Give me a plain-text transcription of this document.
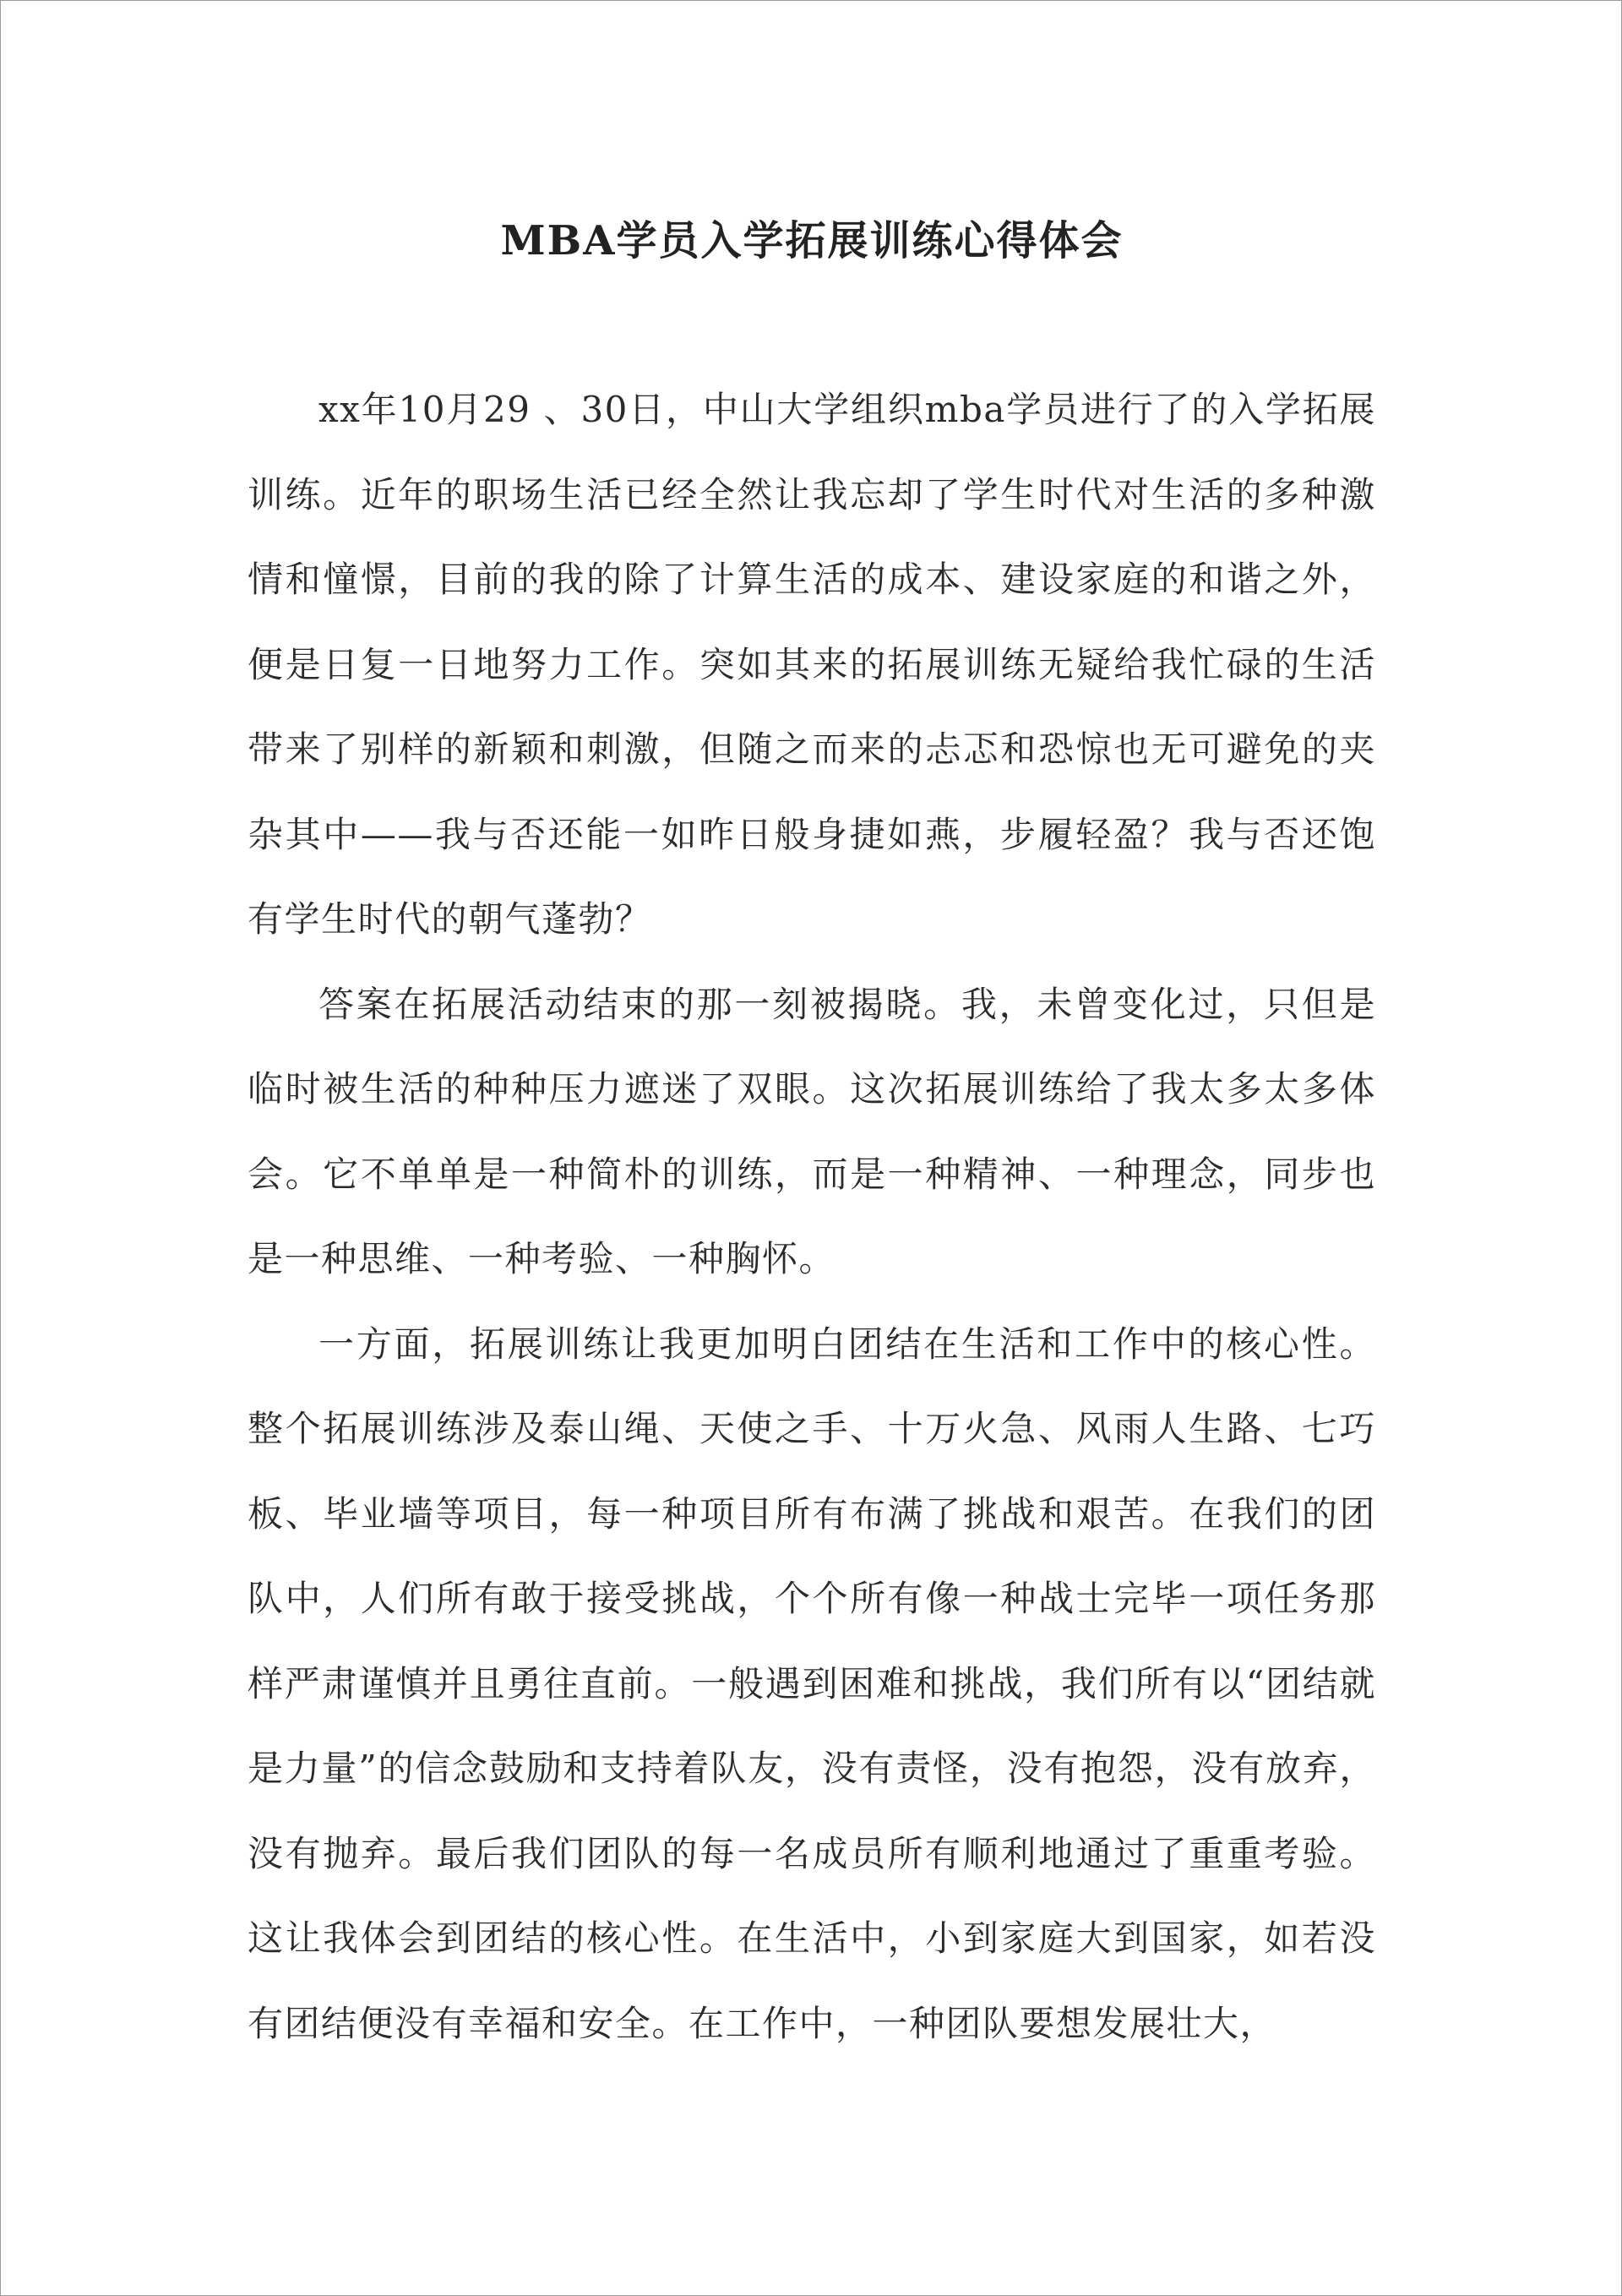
MBA学员入学拓展训练心得体会

xx年10月29 、30日，中山大学组织mba学员进行了的入学拓展训练。近年的职场生活已经全然让我忘却了学生时代对生活的多种激情和憧憬，目前的我的除了计算生活的成本、建设家庭的和谐之外，便是日复一日地努力工作。突如其来的拓展训练无疑给我忙碌的生活带来了别样的新颖和刺激，但随之而来的忐忑和恐惊也无可避免的夹杂其中——我与否还能一如昨日般身捷如燕，步履轻盈？我与否还饱有学生时代的朝气蓬勃？

答案在拓展活动结束的那一刻被揭晓。我，未曾变化过，只但是临时被生活的种种压力遮迷了双眼。这次拓展训练给了我太多太多体会。它不单单是一种简朴的训练，而是一种精神、一种理念，同步也是一种思维、一种考验、一种胸怀。

一方面，拓展训练让我更加明白团结在生活和工作中的核心性。整个拓展训练涉及泰山绳、天使之手、十万火急、风雨人生路、七巧板、毕业墙等项目，每一种项目所有布满了挑战和艰苦。在我们的团队中，人们所有敢于接受挑战，个个所有像一种战士完毕一项任务那样严肃谨慎并且勇往直前。一般遇到困难和挑战，我们所有以“团结就是力量”的信念鼓励和支持着队友，没有责怪，没有抱怨，没有放弃，没有抛弃。最后我们团队的每一名成员所有顺利地通过了重重考验。这让我体会到团结的核心性。在生活中，小到家庭大到国家，如若没有团结便没有幸福和安全。在工作中，一种团队要想发展壮大，
